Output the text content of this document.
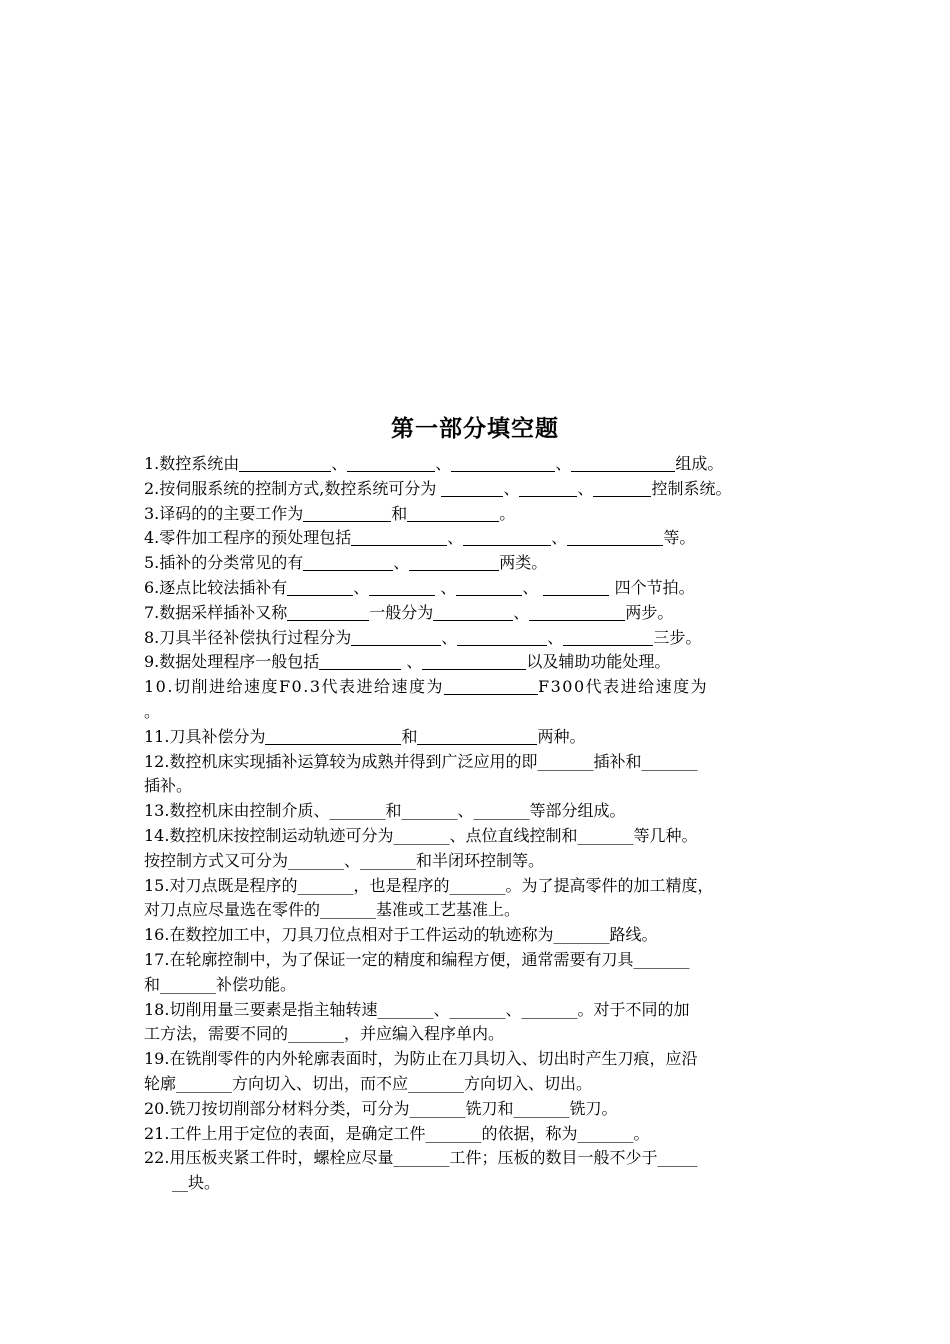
第一部分填空题
1.数控系统由	、	、	、	组成。
2.按伺服系统的控制方式,数控系统可分为	、	、	控制系统。
3.译码的的主要工作为	和	。
4.零件加工程序的预处理包括	、	、	等。
5.插补的分类常见的有	、	两类。
6.逐点比较法插补有	、	、	、	四个节拍。
7.数据采样插补又称	一般分为	、	两步。
8.刀具半径补偿执行过程分为	、	、	三步。
9.数据处理程序一般包括	、	以及辅助功能处理。
10.切削进给速度F0.3代表进给速度为	F300代表进给速度为
。
11.刀具补偿分为	和	两种。
12.数控机床实现插补运算较为成熟并得到广泛应用的即_______插补和_______
插补。
13.数控机床由控制介质、_______和_______、_______等部分组成。
14.数控机床按控制运动轨迹可分为_______、点位直线控制和_______等几种。
按控制方式又可分为_______、_______和半闭环控制等。
15.对刀点既是程序的_______，也是程序的_______。为了提高零件的加工精度，
对刀点应尽量选在零件的_______基准或工艺基准上。
16.在数控加工中，刀具刀位点相对于工件运动的轨迹称为_______路线。
17.在轮廓控制中，为了保证一定的精度和编程方便，通常需要有刀具_______
和_______补偿功能。
18.切削用量三要素是指主轴转速_______、_______、_______。对于不同的加
工方法，需要不同的_______，并应编入程序单内。
19.在铣削零件的内外轮廓表面时，为防止在刀具切入、切出时产生刀痕，应沿
轮廓_______方向切入、切出，而不应_______方向切入、切出。
20.铣刀按切削部分材料分类，可分为_______铣刀和_______铣刀。
21.工件上用于定位的表面，是确定工件_______的依据，称为_______。
22.用压板夹紧工件时，螺栓应尽量_______工件；压板的数目一般不少于_____
__块。
